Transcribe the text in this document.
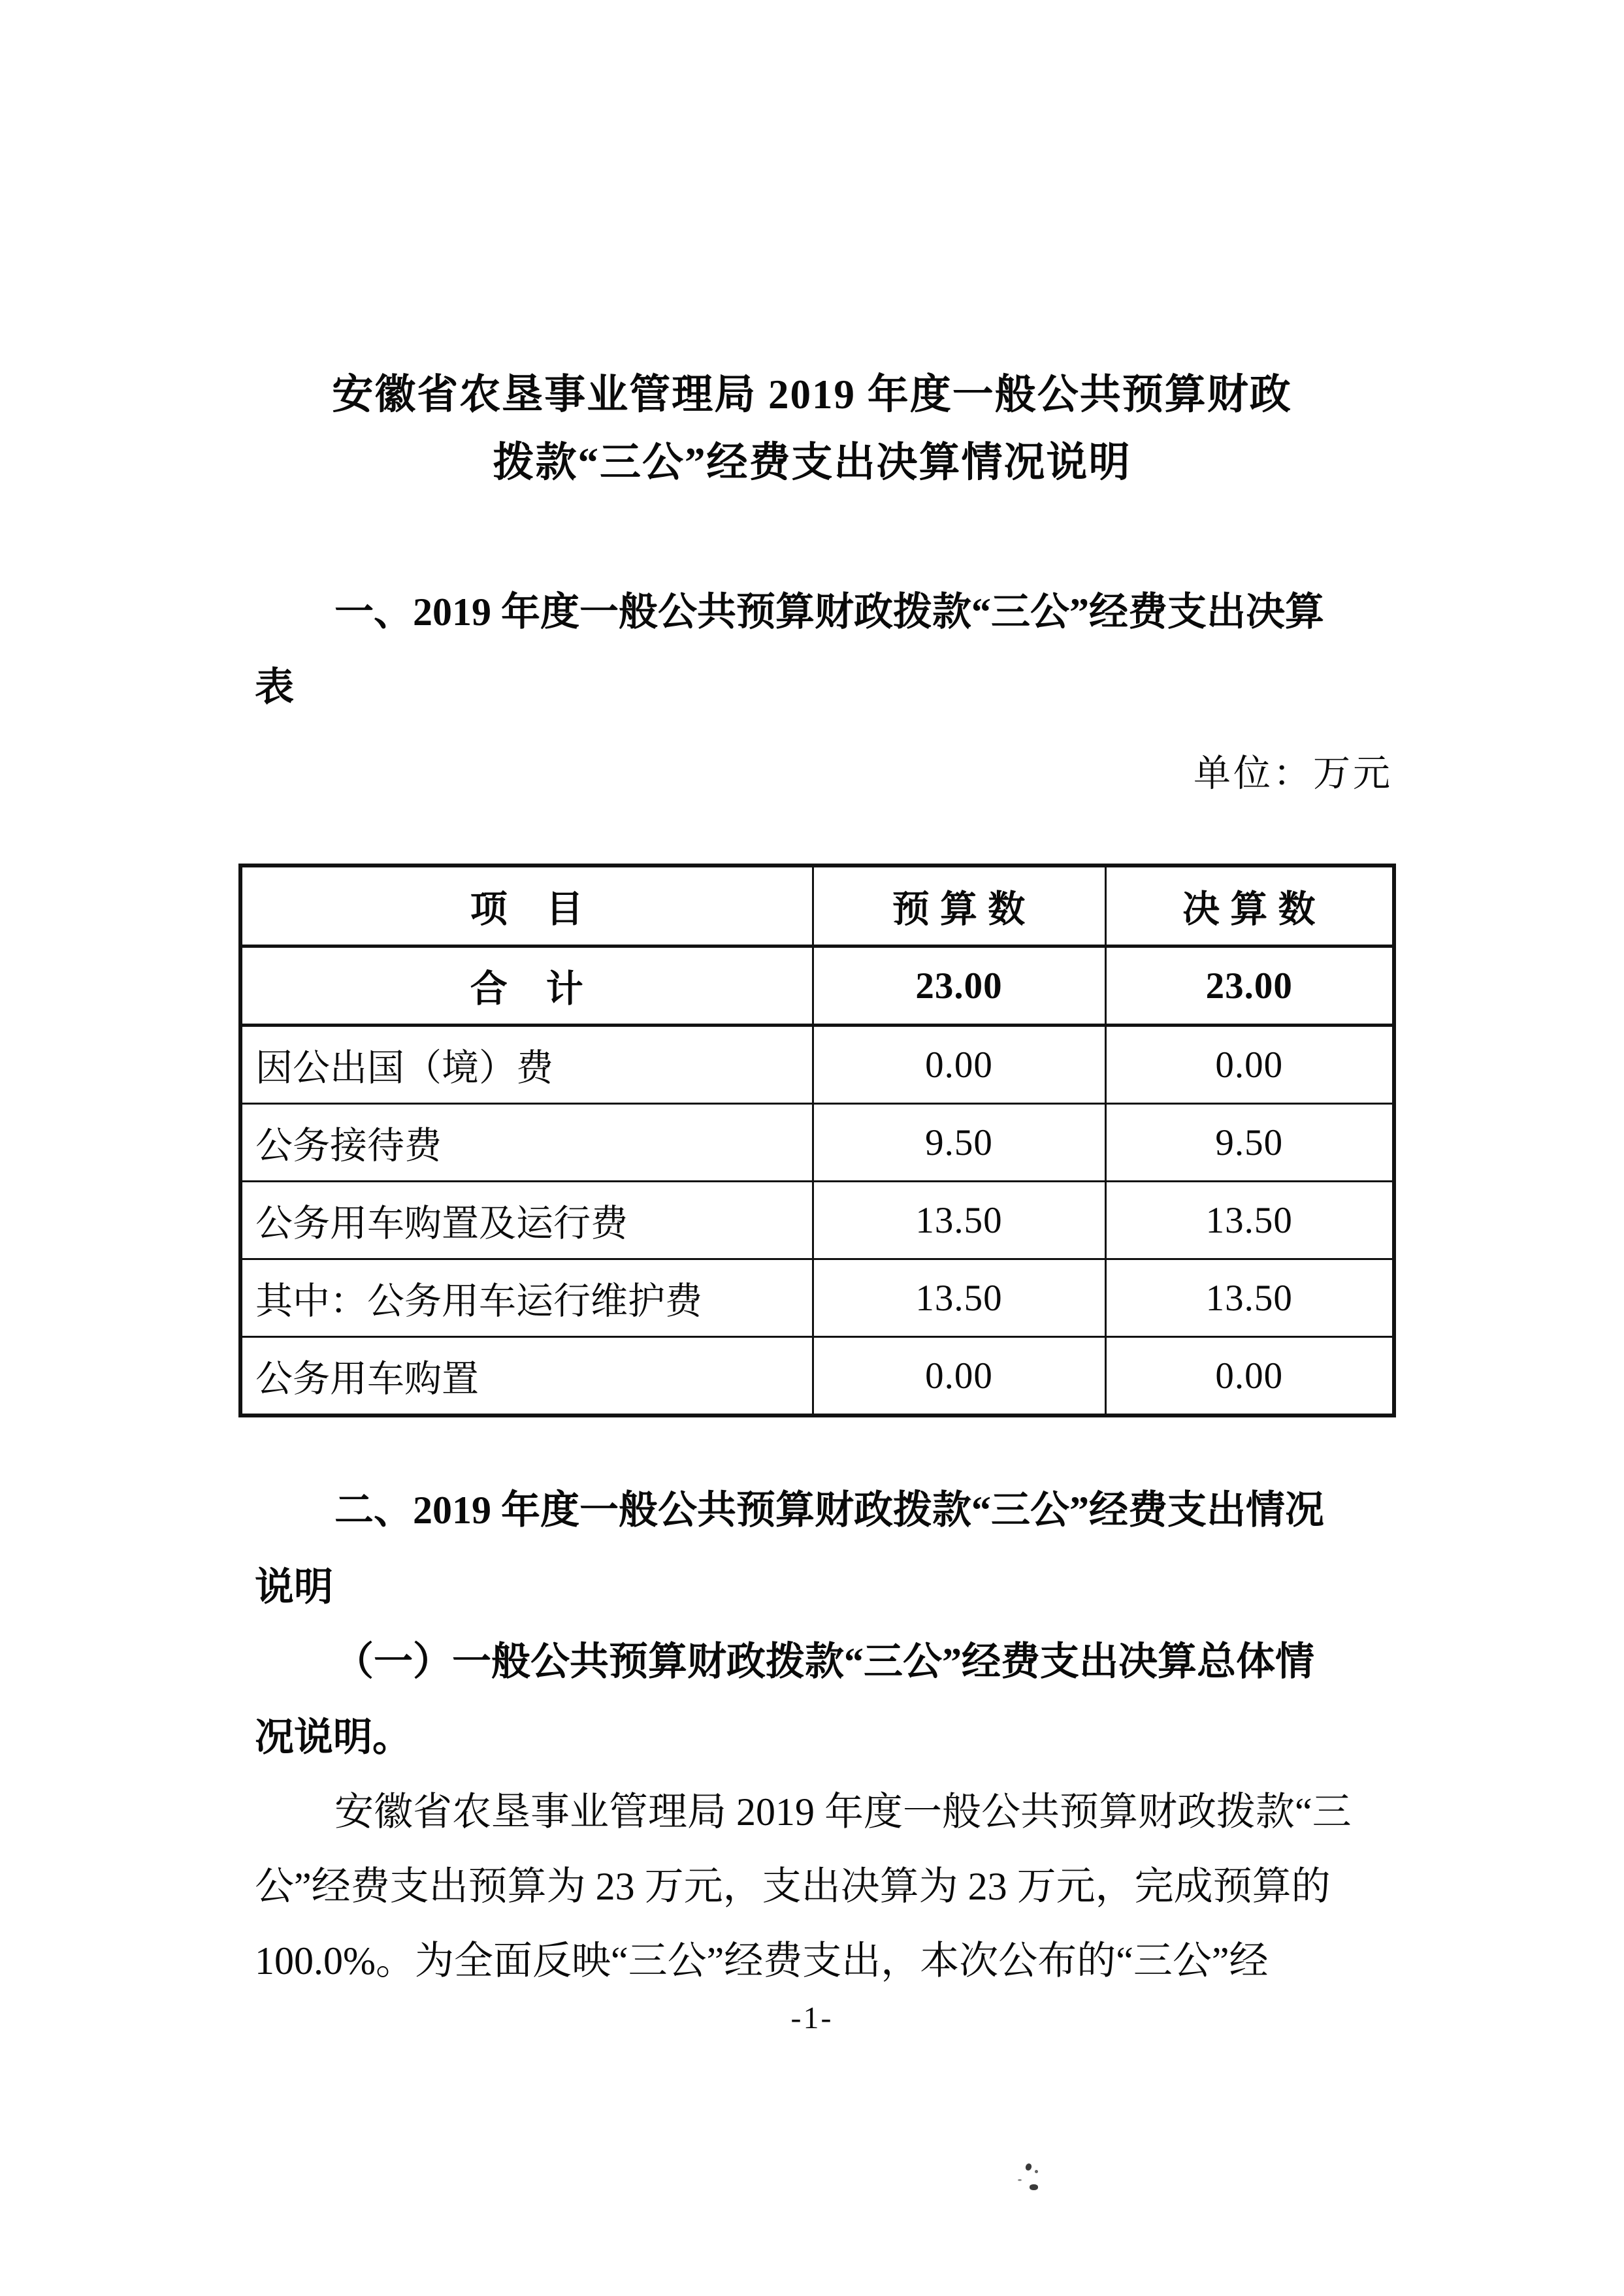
安徽省农垦事业管理局 2019 年度一般公共预算财政
拨款“三公”经费支出决算情况说明
一、2019 年度一般公共预算财政拨款“三公”经费支出决算
表
单位：万元
项　目	预 算 数	决 算 数
合　计	23.00	23.00
因公出国（境）费	0.00	0.00
公务接待费	9.50	9.50
公务用车购置及运行费	13.50	13.50
其中：公务用车运行维护费	13.50	13.50
公务用车购置	0.00	0.00
二、2019 年度一般公共预算财政拨款“三公”经费支出情况
说明
（一）一般公共预算财政拨款“三公”经费支出决算总体情
况说明。
安徽省农垦事业管理局 2019 年度一般公共预算财政拨款“三
公”经费支出预算为 23 万元，支出决算为 23 万元，完成预算的
100.0%。为全面反映“三公”经费支出，本次公布的“三公”经
-1-
